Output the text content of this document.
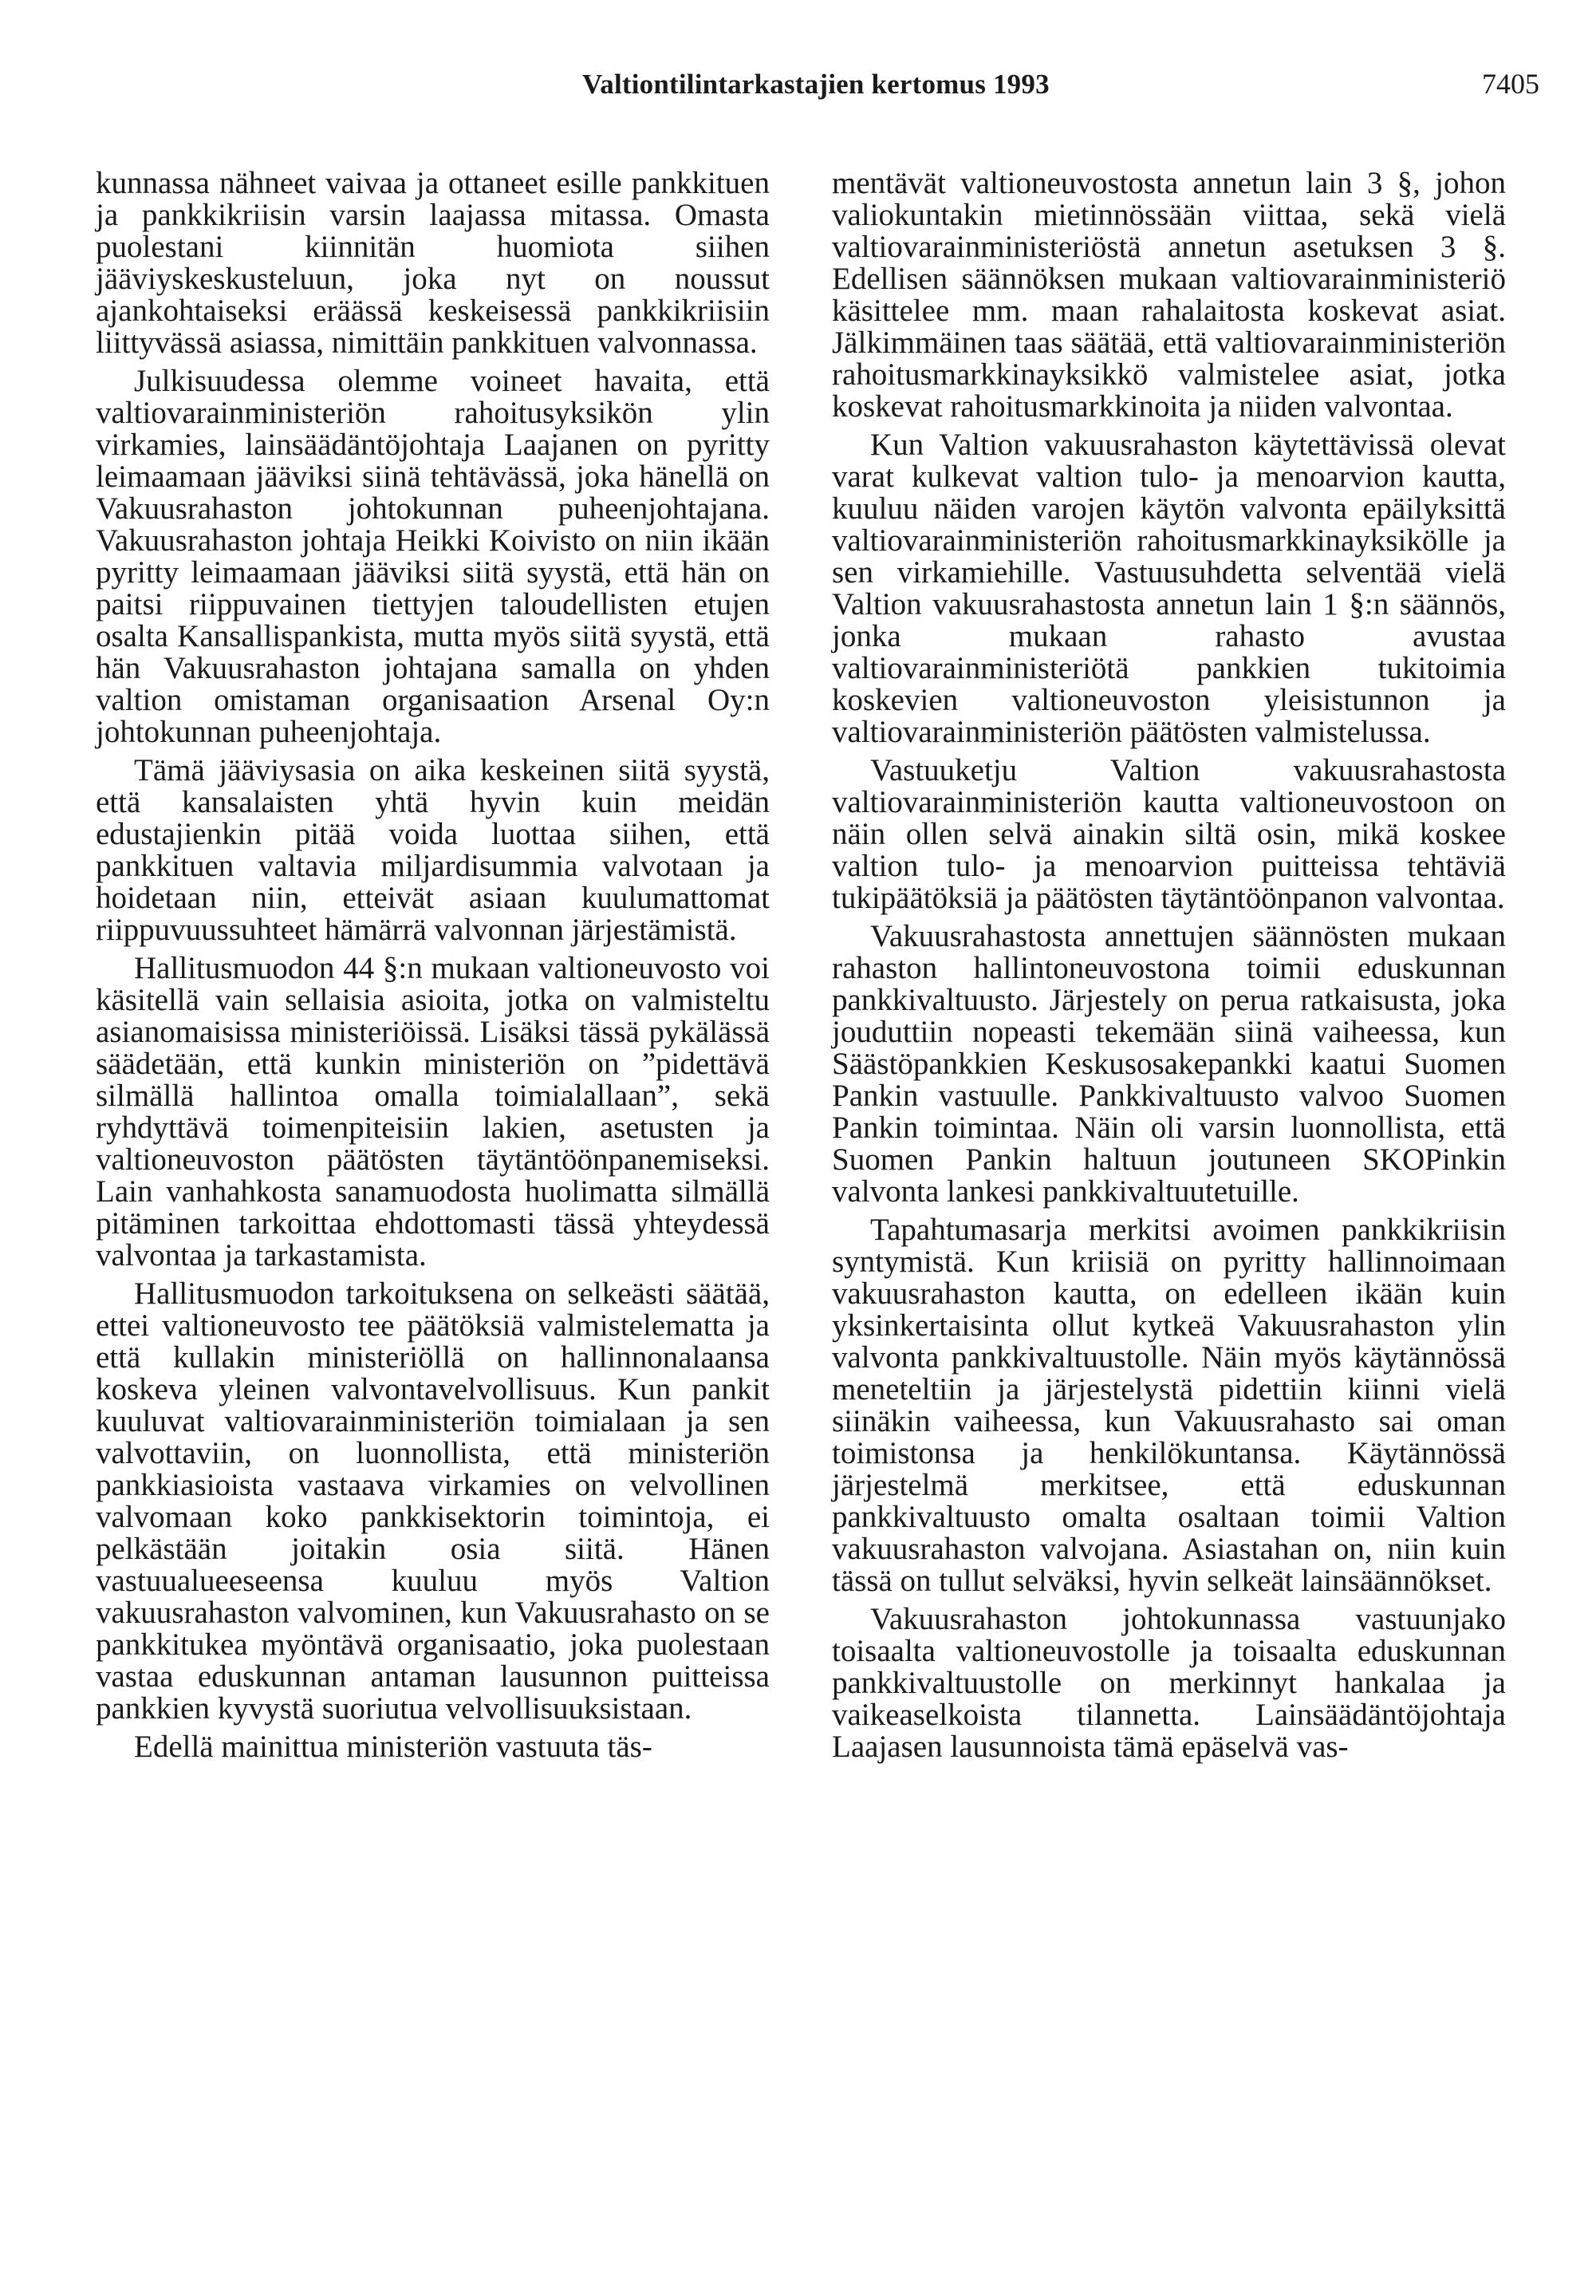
Valtiontilintarkastajien kertomus 1993	7405

kunnassa nähneet vaivaa ja ottaneet esille pankkituen ja pankkikriisin varsin laajassa mitassa. Omasta puolestani kiinnitän huomiota siihen jääviyskeskusteluun, joka nyt on noussut ajankohtaiseksi eräässä keskeisessä pankkikriisiin liittyvässä asiassa, nimittäin pankkituen valvonnassa.

Julkisuudessa olemme voineet havaita, että valtiovarainministeriön rahoitusyksikön ylin virkamies, lainsäädäntöjohtaja Laajanen on pyritty leimaamaan jääviksi siinä tehtävässä, joka hänellä on Vakuusrahaston johtokunnan puheenjohtajana. Vakuusrahaston johtaja Heikki Koivisto on niin ikään pyritty leimaamaan jääviksi siitä syystä, että hän on paitsi riippuvainen tiettyjen taloudellisten etujen osalta Kansallispankista, mutta myös siitä syystä, että hän Vakuusrahaston johtajana samalla on yhden valtion omistaman organisaation Arsenal Oy:n johtokunnan puheenjohtaja.

Tämä jääviysasia on aika keskeinen siitä syystä, että kansalaisten yhtä hyvin kuin meidän edustajienkin pitää voida luottaa siihen, että pankkituen valtavia miljardisummia valvotaan ja hoidetaan niin, etteivät asiaan kuulumattomat riippuvuussuhteet hämärrä valvonnan järjestämistä.

Hallitusmuodon 44 §:n mukaan valtioneuvosto voi käsitellä vain sellaisia asioita, jotka on valmisteltu asianomaisissa ministeriöissä. Lisäksi tässä pykälässä säädetään, että kunkin ministeriön on ”pidettävä silmällä hallintoa omalla toimialallaan”, sekä ryhdyttävä toimenpiteisiin lakien, asetusten ja valtioneuvoston päätösten täytäntöönpanemiseksi. Lain vanhahkosta sanamuodosta huolimatta silmällä pitäminen tarkoittaa ehdottomasti tässä yhteydessä valvontaa ja tarkastamista.

Hallitusmuodon tarkoituksena on selkeästi säätää, ettei valtioneuvosto tee päätöksiä valmistelematta ja että kullakin ministeriöllä on hallinnonalaansa koskeva yleinen valvontavelvollisuus. Kun pankit kuuluvat valtiovarainministeriön toimialaan ja sen valvottaviin, on luonnollista, että ministeriön pankkiasioista vastaava virkamies on velvollinen valvomaan koko pankkisektorin toimintoja, ei pelkästään joitakin osia siitä. Hänen vastuualueeseensa kuuluu myös Valtion vakuusrahaston valvominen, kun Vakuusrahasto on se pankkitukea myöntävä organisaatio, joka puolestaan vastaa eduskunnan antaman lausunnon puitteissa pankkien kyvystä suoriutua velvollisuuksistaan.

Edellä mainittua ministeriön vastuuta täs-

mentävät valtioneuvostosta annetun lain 3 §, johon valiokuntakin mietinnössään viittaa, sekä vielä valtiovarainministeriöstä annetun asetuksen 3 §. Edellisen säännöksen mukaan valtiovarainministeriö käsittelee mm. maan rahalaitosta koskevat asiat. Jälkimmäinen taas säätää, että valtiovarainministeriön rahoitusmarkkinayksikkö valmistelee asiat, jotka koskevat rahoitusmarkkinoita ja niiden valvontaa.

Kun Valtion vakuusrahaston käytettävissä olevat varat kulkevat valtion tulo- ja menoarvion kautta, kuuluu näiden varojen käytön valvonta epäilyksittä valtiovarainministeriön rahoitusmarkkinayksikölle ja sen virkamiehille. Vastuusuhdetta selventää vielä Valtion vakuusrahastosta annetun lain 1 §:n säännös, jonka mukaan rahasto avustaa valtiovarainministeriötä pankkien tukitoimia koskevien valtioneuvoston yleisistunnon ja valtiovarainministeriön päätösten valmistelussa.

Vastuuketju Valtion vakuusrahastosta valtiovarainministeriön kautta valtioneuvostoon on näin ollen selvä ainakin siltä osin, mikä koskee valtion tulo- ja menoarvion puitteissa tehtäviä tukipäätöksiä ja päätösten täytäntöönpanon valvontaa.

Vakuusrahastosta annettujen säännösten mukaan rahaston hallintoneuvostona toimii eduskunnan pankkivaltuusto. Järjestely on perua ratkaisusta, joka jouduttiin nopeasti tekemään siinä vaiheessa, kun Säästöpankkien Keskusosakepankki kaatui Suomen Pankin vastuulle. Pankkivaltuusto valvoo Suomen Pankin toimintaa. Näin oli varsin luonnollista, että Suomen Pankin haltuun joutuneen SKOPinkin valvonta lankesi pankkivaltuutetuille.

Tapahtumasarja merkitsi avoimen pankkikriisin syntymistä. Kun kriisiä on pyritty hallinnoimaan vakuusrahaston kautta, on edelleen ikään kuin yksinkertaisinta ollut kytkeä Vakuusrahaston ylin valvonta pankkivaltuustolle. Näin myös käytännössä meneteltiin ja järjestelystä pidettiin kiinni vielä siinäkin vaiheessa, kun Vakuusrahasto sai oman toimistonsa ja henkilökuntansa. Käytännössä järjestelmä merkitsee, että eduskunnan pankkivaltuusto omalta osaltaan toimii Valtion vakuusrahaston valvojana. Asiastahan on, niin kuin tässä on tullut selväksi, hyvin selkeät lainsäännökset.

Vakuusrahaston johtokunnassa vastuunjako toisaalta valtioneuvostolle ja toisaalta eduskunnan pankkivaltuustolle on merkinnyt hankalaa ja vaikeaselkoista tilannetta. Lainsäädäntöjohtaja Laajasen lausunnoista tämä epäselvä vas-
